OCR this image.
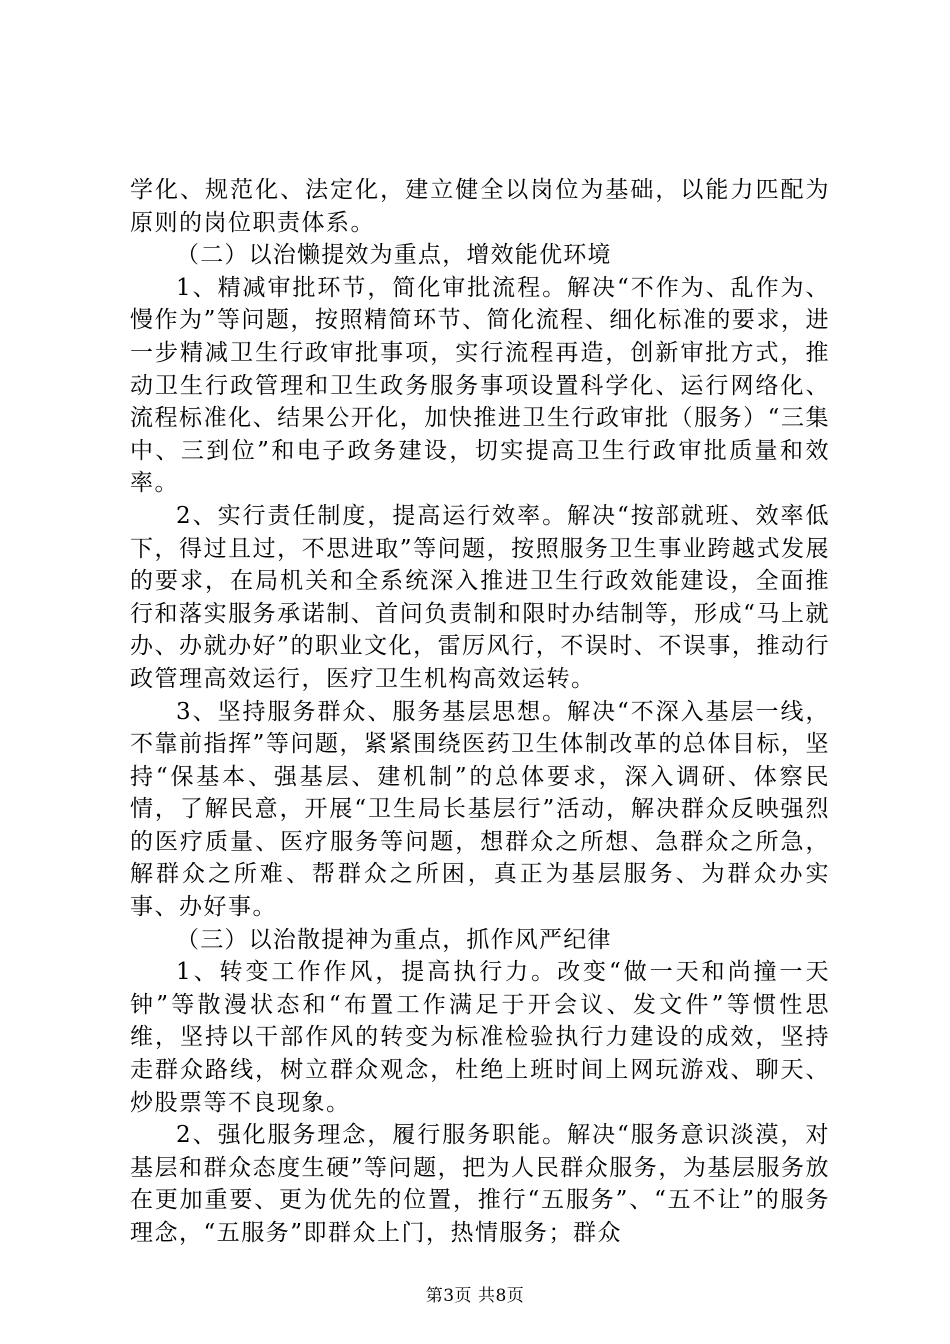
学化、规范化、法定化，建立健全以岗位为基础，以能力匹配为原则的岗位职责体系。

（二）以治懒提效为重点，增效能优环境

1、精减审批环节，简化审批流程。解决“不作为、乱作为、慢作为”等问题，按照精简环节、简化流程、细化标准的要求，进一步精减卫生行政审批事项，实行流程再造，创新审批方式，推动卫生行政管理和卫生政务服务事项设置科学化、运行网络化、流程标准化、结果公开化，加快推进卫生行政审批（服务）“三集中、三到位”和电子政务建设，切实提高卫生行政审批质量和效率。

2、实行责任制度，提高运行效率。解决“按部就班、效率低下，得过且过，不思进取”等问题，按照服务卫生事业跨越式发展的要求，在局机关和全系统深入推进卫生行政效能建设，全面推行和落实服务承诺制、首问负责制和限时办结制等，形成“马上就办、办就办好”的职业文化，雷厉风行，不误时、不误事，推动行政管理高效运行，医疗卫生机构高效运转。

3、坚持服务群众、服务基层思想。解决“不深入基层一线，不靠前指挥”等问题，紧紧围绕医药卫生体制改革的总体目标，坚持“保基本、强基层、建机制”的总体要求，深入调研、体察民情，了解民意，开展“卫生局长基层行”活动，解决群众反映强烈的医疗质量、医疗服务等问题，想群众之所想、急群众之所急，解群众之所难、帮群众之所困，真正为基层服务、为群众办实事、办好事。

（三）以治散提神为重点，抓作风严纪律

1、转变工作作风，提高执行力。改变“做一天和尚撞一天钟”等散漫状态和“布置工作满足于开会议、发文件”等惯性思维，坚持以干部作风的转变为标准检验执行力建设的成效，坚持走群众路线，树立群众观念，杜绝上班时间上网玩游戏、聊天、炒股票等不良现象。

2、强化服务理念，履行服务职能。解决“服务意识淡漠，对基层和群众态度生硬”等问题，把为人民群众服务，为基层服务放在更加重要、更为优先的位置，推行“五服务”、“五不让”的服务理念，“五服务”即群众上门，热情服务；群众

第3页 共8页
